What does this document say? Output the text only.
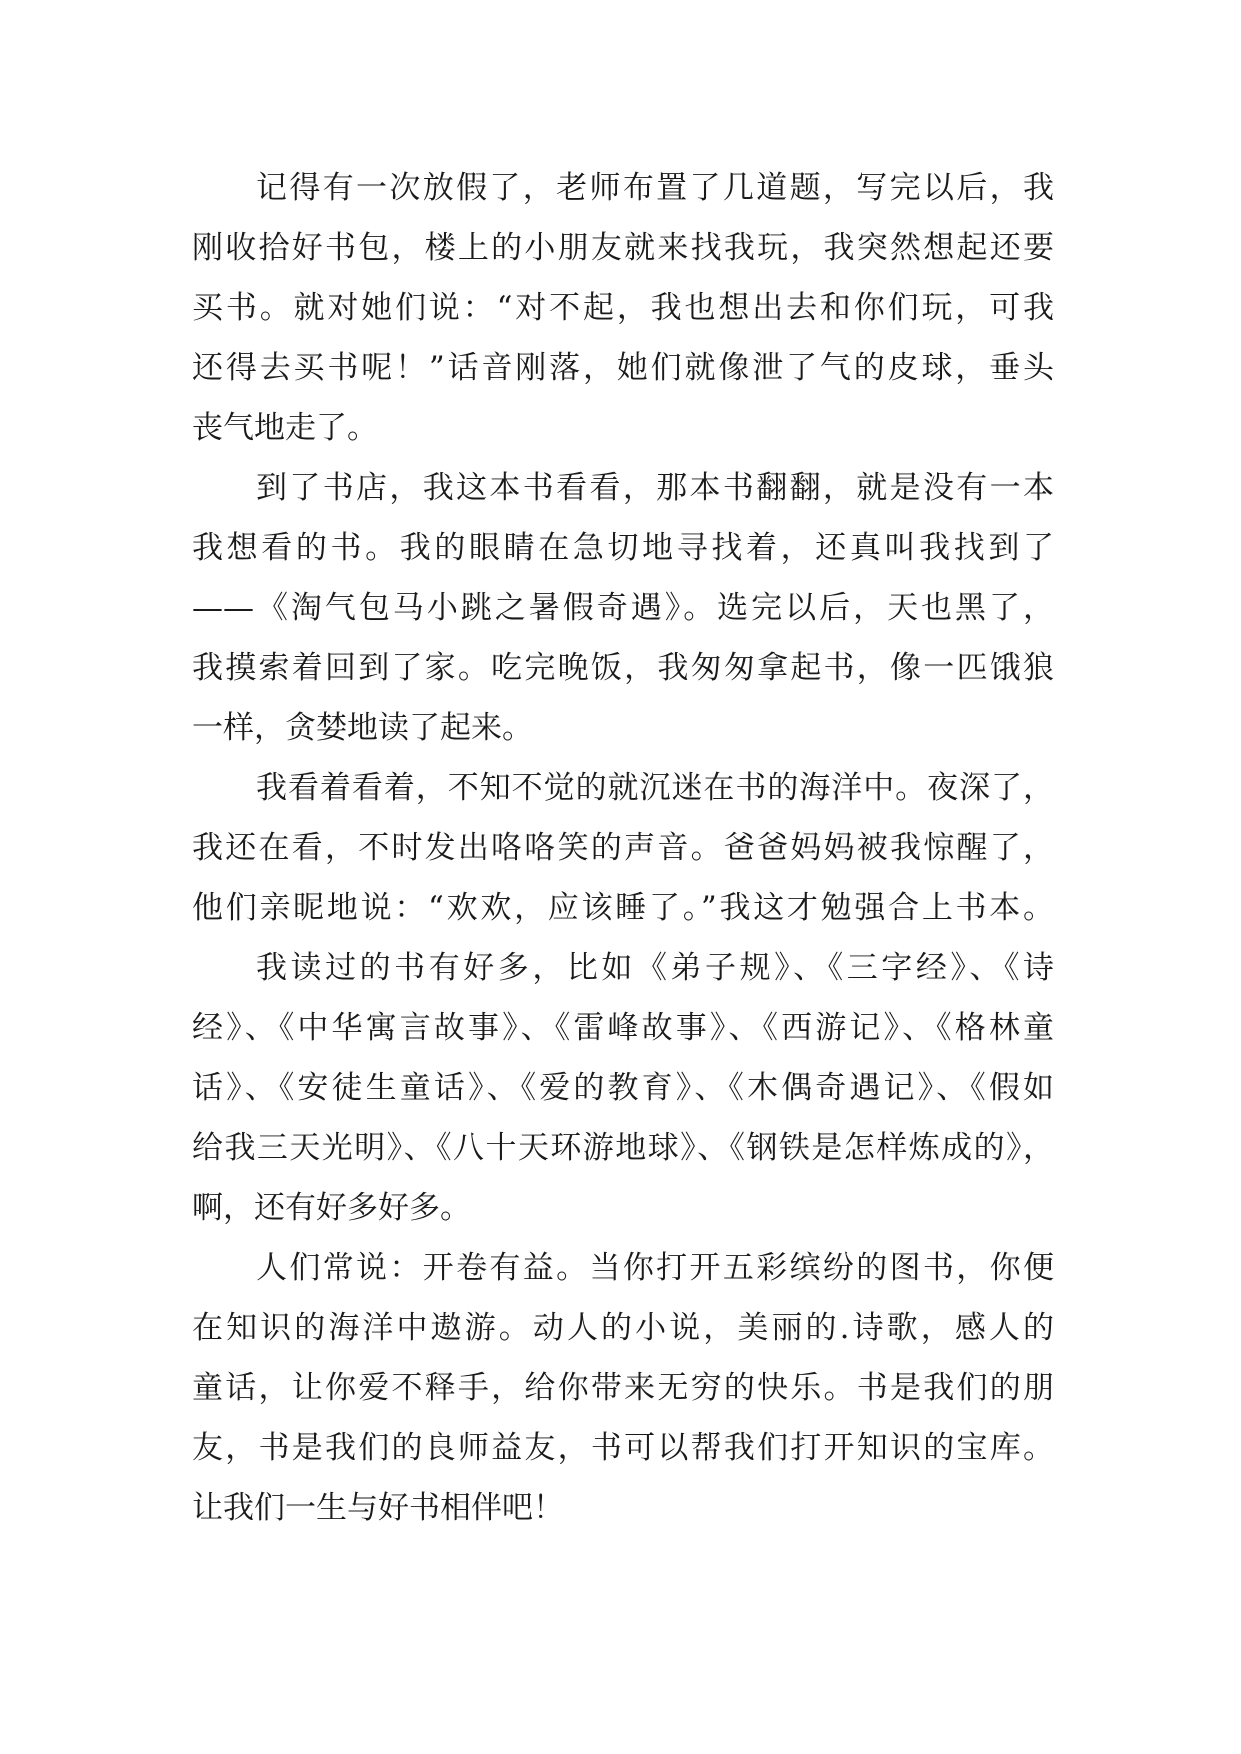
记得有一次放假了，老师布置了几道题，写完以后，我
刚收拾好书包，楼上的小朋友就来找我玩，我突然想起还要
买书。就对她们说：“对不起，我也想出去和你们玩，可我
还得去买书呢！”话音刚落，她们就像泄了气的皮球，垂头
丧气地走了。
到了书店，我这本书看看，那本书翻翻，就是没有一本
我想看的书。我的眼睛在急切地寻找着，还真叫我找到了
——《淘气包马小跳之暑假奇遇》。选完以后，天也黑了，
我摸索着回到了家。吃完晚饭，我匆匆拿起书，像一匹饿狼
一样，贪婪地读了起来。
我看着看着，不知不觉的就沉迷在书的海洋中。夜深了，
我还在看，不时发出咯咯笑的声音。爸爸妈妈被我惊醒了，
他们亲昵地说：“欢欢，应该睡了。”我这才勉强合上书本。
我读过的书有好多，比如《弟子规》、《三字经》、《诗
经》、《中华寓言故事》、《雷峰故事》、《西游记》、《格林童
话》、《安徒生童话》、《爱的教育》、《木偶奇遇记》、《假如
给我三天光明》、《八十天环游地球》、《钢铁是怎样炼成的》，
啊，还有好多好多。
人们常说：开卷有益。当你打开五彩缤纷的图书，你便
在知识的海洋中遨游。动人的小说，美丽的.诗歌，感人的
童话，让你爱不释手，给你带来无穷的快乐。书是我们的朋
友，书是我们的良师益友，书可以帮我们打开知识的宝库。
让我们一生与好书相伴吧！
